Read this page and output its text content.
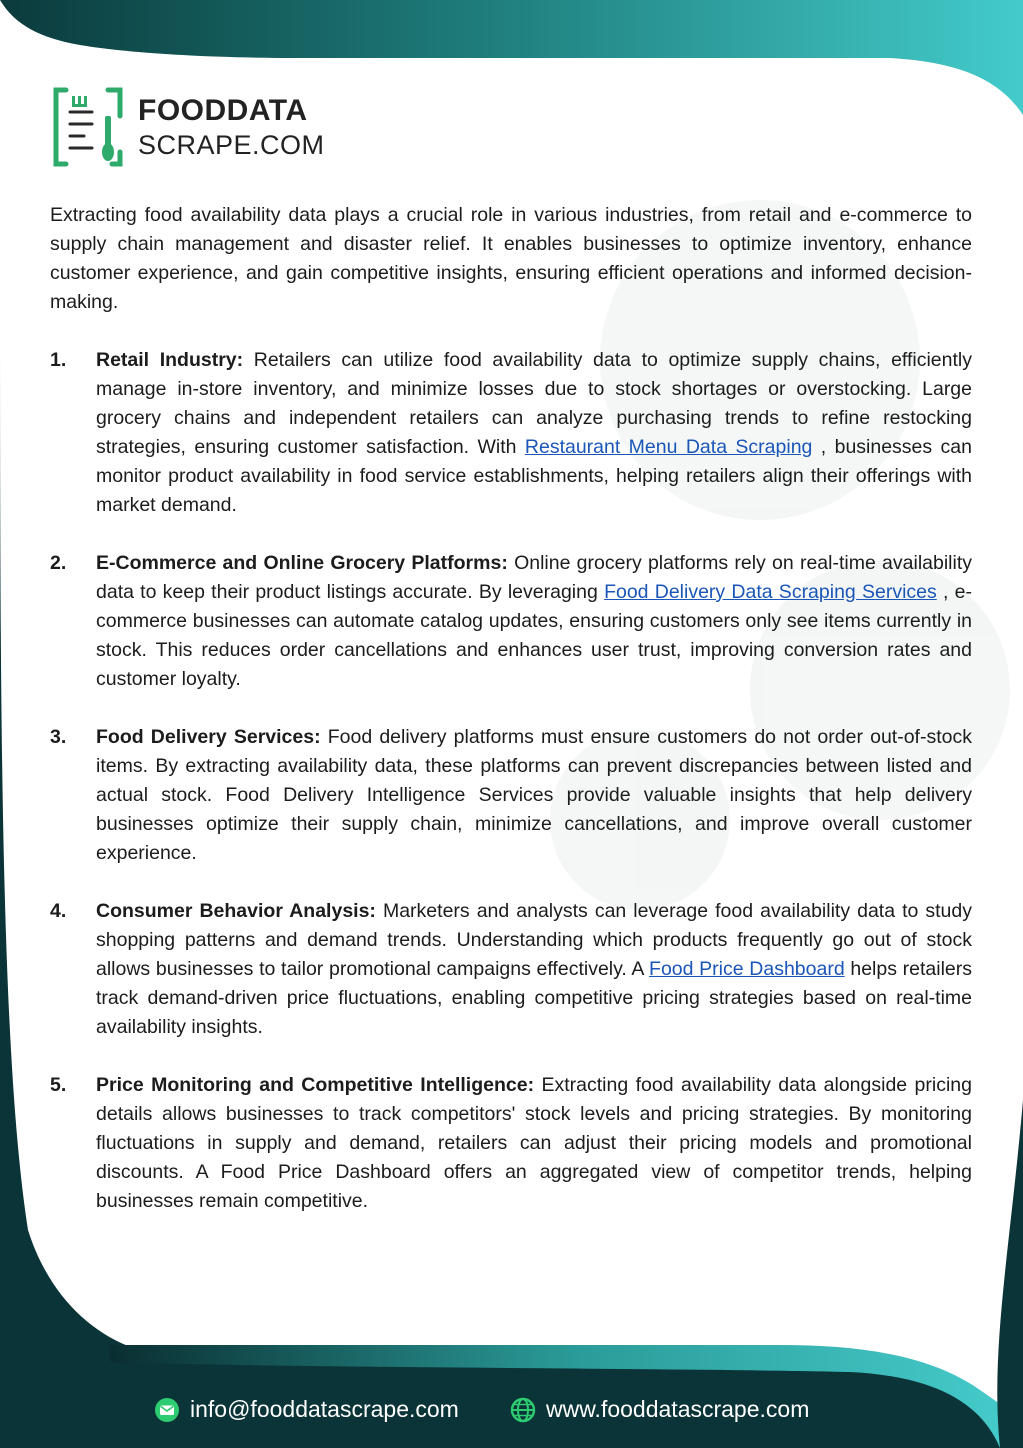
FOODDATA
SCRAPE.COM

Extracting food availability data plays a crucial role in various industries, from retail and e-commerce to supply chain management and disaster relief. It enables businesses to optimize inventory, enhance customer experience, and gain competitive insights, ensuring efficient operations and informed decision-making.

1. Retail Industry: Retailers can utilize food availability data to optimize supply chains, efficiently manage in-store inventory, and minimize losses due to stock shortages or overstocking. Large grocery chains and independent retailers can analyze purchasing trends to refine restocking strategies, ensuring customer satisfaction. With Restaurant Menu Data Scraping , businesses can monitor product availability in food service establishments, helping retailers align their offerings with market demand.
2. E-Commerce and Online Grocery Platforms: Online grocery platforms rely on real-time availability data to keep their product listings accurate. By leveraging Food Delivery Data Scraping Services , e-commerce businesses can automate catalog updates, ensuring customers only see items currently in stock. This reduces order cancellations and enhances user trust, improving conversion rates and customer loyalty.
3. Food Delivery Services: Food delivery platforms must ensure customers do not order out-of-stock items. By extracting availability data, these platforms can prevent discrepancies between listed and actual stock. Food Delivery Intelligence Services provide valuable insights that help delivery businesses optimize their supply chain, minimize cancellations, and improve overall customer experience.
4. Consumer Behavior Analysis: Marketers and analysts can leverage food availability data to study shopping patterns and demand trends. Understanding which products frequently go out of stock allows businesses to tailor promotional campaigns effectively. A Food Price Dashboard helps retailers track demand-driven price fluctuations, enabling competitive pricing strategies based on real-time availability insights.
5. Price Monitoring and Competitive Intelligence: Extracting food availability data alongside pricing details allows businesses to track competitors' stock levels and pricing strategies. By monitoring fluctuations in supply and demand, retailers can adjust their pricing models and promotional discounts. A Food Price Dashboard offers an aggregated view of competitor trends, helping businesses remain competitive.
info@fooddatascrape.com	www.fooddatascrape.com
